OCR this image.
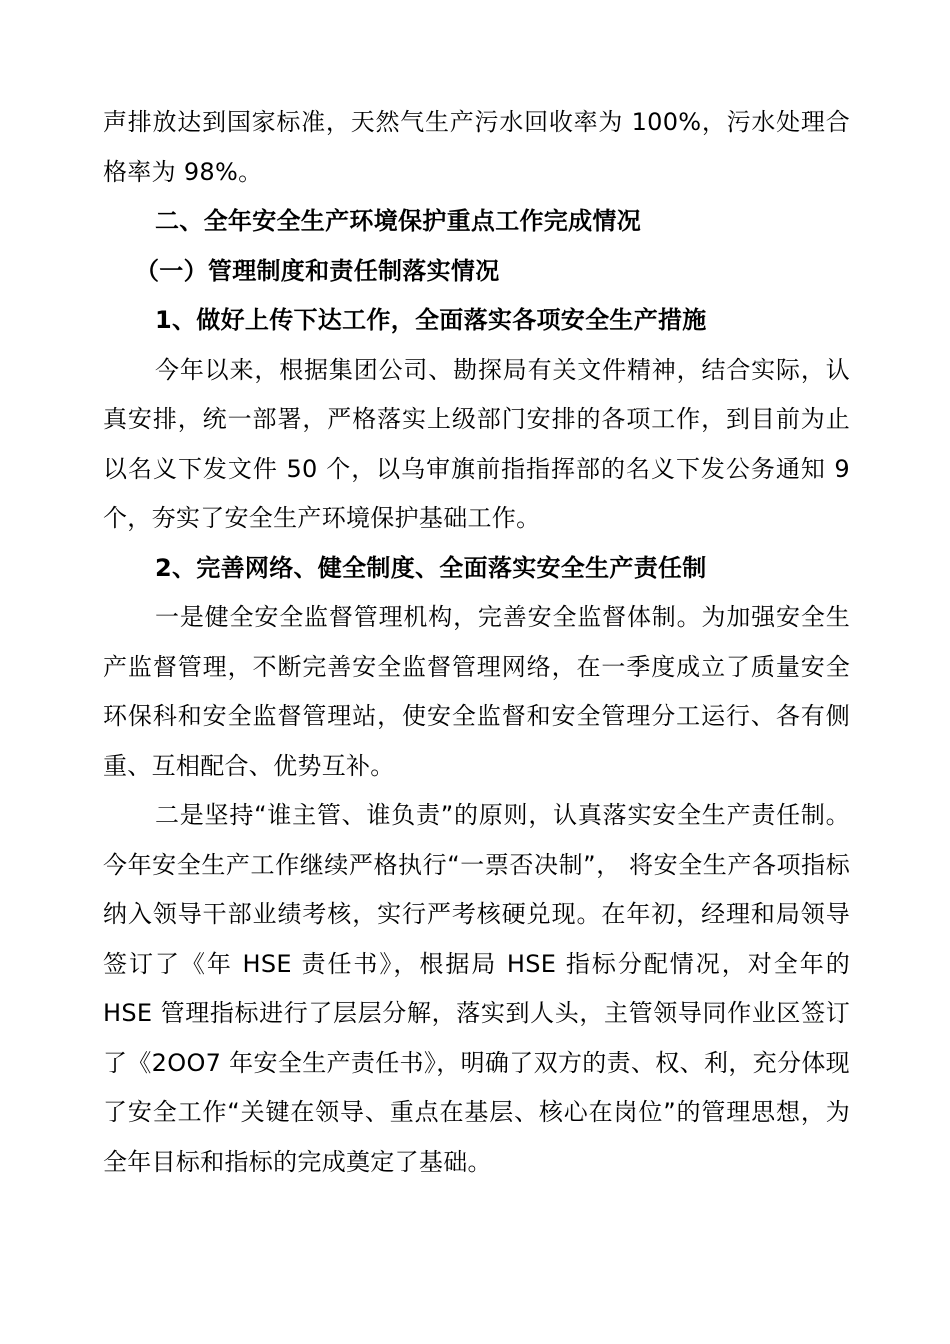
声排放达到国家标准，天然气生产污水回收率为 100%，污水处理合格率为 98%。

二、全年安全生产环境保护重点工作完成情况

（一）管理制度和责任制落实情况

1、做好上传下达工作，全面落实各项安全生产措施

今年以来，根据集团公司、勘探局有关文件精神，结合实际，认真安排，统一部署，严格落实上级部门安排的各项工作，到目前为止以名义下发文件 50 个，以乌审旗前指指挥部的名义下发公务通知 9 个，夯实了安全生产环境保护基础工作。

2、完善网络、健全制度、全面落实安全生产责任制

一是健全安全监督管理机构，完善安全监督体制。为加强安全生产监督管理，不断完善安全监督管理网络，在一季度成立了质量安全环保科和安全监督管理站，使安全监督和安全管理分工运行、各有侧重、互相配合、优势互补。

二是坚持“谁主管、谁负责”的原则，认真落实安全生产责任制。今年安全生产工作继续严格执行“一票否决制”， 将安全生产各项指标纳入领导干部业绩考核，实行严考核硬兑现。在年初，经理和局领导签订了《年 HSE 责任书》，根据局 HSE 指标分配情况，对全年的 HSE 管理指标进行了层层分解，落实到人头，主管领导同作业区签订了《2OO7 年安全生产责任书》，明确了双方的责、权、利，充分体现了安全工作“关键在领导、重点在基层、核心在岗位”的管理思想，为全年目标和指标的完成奠定了基础。
